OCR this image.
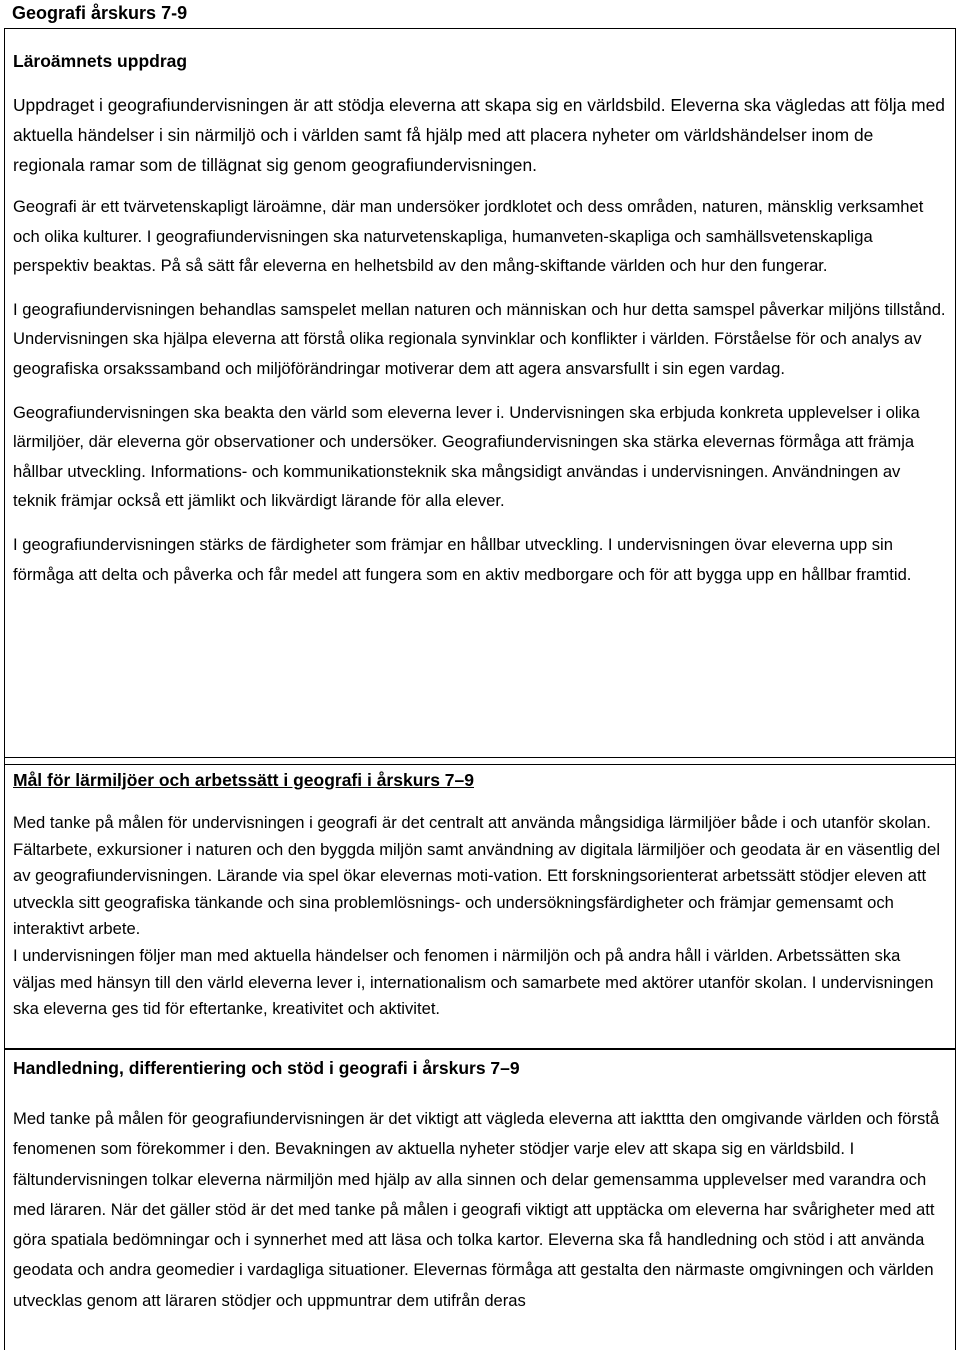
Geografi årskurs 7-9

Läroämnets uppdrag

Uppdraget i geografiundervisningen är att stödja eleverna att skapa sig en världsbild. Eleverna ska vägledas att följa med aktuella händelser i sin närmiljö och i världen samt få hjälp med att placera nyheter om världshändelser inom de regionala ramar som de tillägnat sig genom geografiundervisningen.

Geografi är ett tvärvetenskapligt läroämne, där man undersöker jordklotet och dess områden, naturen, mänsklig verksamhet och olika kulturer. I geografiundervisningen ska naturvetenskapliga, humanveten-skapliga och samhällsvetenskapliga perspektiv beaktas. På så sätt får eleverna en helhetsbild av den mång-skiftande världen och hur den fungerar.

I geografiundervisningen behandlas samspelet mellan naturen och människan och hur detta samspel påverkar miljöns tillstånd. Undervisningen ska hjälpa eleverna att förstå olika regionala synvinklar och konflikter i världen. Förståelse för och analys av geografiska orsakssamband och miljöförändringar motiverar dem att agera ansvarsfullt i sin egen vardag.

Geografiundervisningen ska beakta den värld som eleverna lever i. Undervisningen ska erbjuda konkreta upplevelser i olika lärmiljöer, där eleverna gör observationer och undersöker. Geografiundervisningen ska stärka elevernas förmåga att främja hållbar utveckling. Informations- och kommunikationsteknik ska mångsidigt användas i undervisningen. Användningen av teknik främjar också ett jämlikt och likvärdigt lärande för alla elever.

I geografiundervisningen stärks de färdigheter som främjar en hållbar utveckling. I undervisningen övar eleverna upp sin förmåga att delta och påverka och får medel att fungera som en aktiv medborgare och för att bygga upp en hållbar framtid.

Mål för lärmiljöer och arbetssätt i geografi i årskurs 7–9

Med tanke på målen för undervisningen i geografi är det centralt att använda mångsidiga lärmiljöer både i och utanför skolan. Fältarbete, exkursioner i naturen och den byggda miljön samt användning av digitala lärmiljöer och geodata är en väsentlig del av geografiundervisningen. Lärande via spel ökar elevernas moti-vation. Ett forskningsorienterat arbetssätt stödjer eleven att utveckla sitt geografiska tänkande och sina problemlösnings- och undersökningsfärdigheter och främjar gemensamt och interaktivt arbete.

I undervisningen följer man med aktuella händelser och fenomen i närmiljön och på andra håll i världen. Arbetssätten ska väljas med hänsyn till den värld eleverna lever i, internationalism och samarbete med aktörer utanför skolan. I undervisningen ska eleverna ges tid för eftertanke, kreativitet och aktivitet.

Handledning, differentiering och stöd i geografi i årskurs 7–9

Med tanke på målen för geografiundervisningen är det viktigt att vägleda eleverna att iakttta den omgivande världen och förstå fenomenen som förekommer i den. Bevakningen av aktuella nyheter stödjer varje elev att skapa sig en världsbild. I fältundervisningen tolkar eleverna närmiljön med hjälp av alla sinnen och delar gemensamma upplevelser med varandra och med läraren. När det gäller stöd är det med tanke på målen i geografi viktigt att upptäcka om eleverna har svårigheter med att göra spatiala bedömningar och i synnerhet med att läsa och tolka kartor. Eleverna ska få handledning och stöd i att använda geodata och andra geomedier i vardagliga situationer. Elevernas förmåga att gestalta den närmaste omgivningen och världen utvecklas genom att läraren stödjer och uppmuntrar dem utifrån deras
